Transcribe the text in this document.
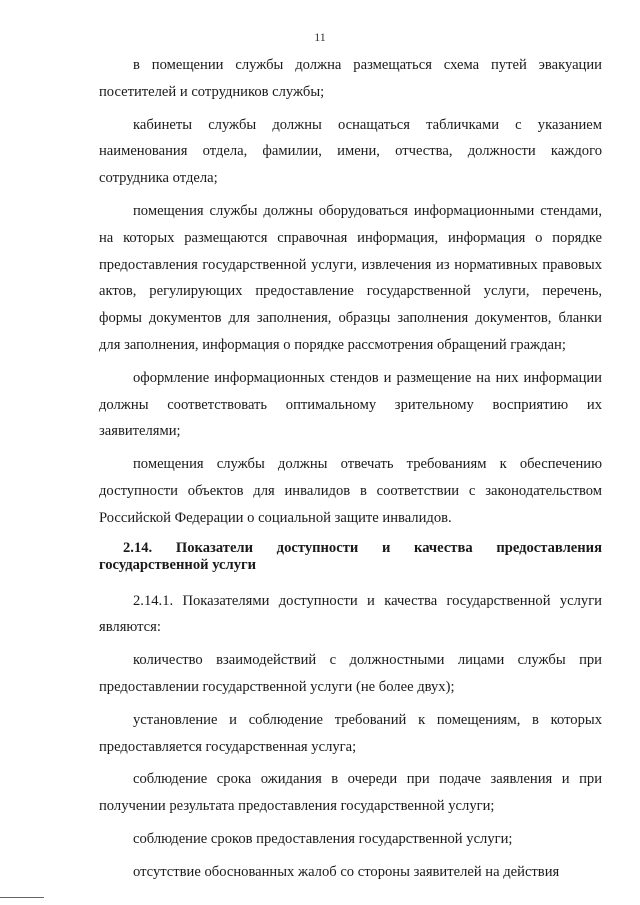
11

в помещении службы должна размещаться схема путей эвакуации посетителей и сотрудников службы;

кабинеты службы должны оснащаться табличками с указанием наименования отдела, фамилии, имени, отчества, должности каждого сотрудника отдела;

помещения службы должны оборудоваться информационными стендами, на которых размещаются справочная информация, информация о порядке предоставления государственной услуги, извлечения из нормативных правовых актов, регулирующих предоставление государственной услуги, перечень, формы документов для заполнения, образцы заполнения документов, бланки для заполнения, информация о порядке рассмотрения обращений граждан;

оформление информационных стендов и размещение на них информации должны соответствовать оптимальному зрительному восприятию их заявителями;

помещения службы должны отвечать требованиям к обеспечению доступности объектов для инвалидов в соответствии с законодательством Российской Федерации о социальной защите инвалидов.

2.14. Показатели доступности и качества предоставления
государственной услуги

2.14.1. Показателями доступности и качества государственной услуги являются:

количество взаимодействий с должностными лицами службы при предоставлении государственной услуги (не более двух);

установление и соблюдение требований к помещениям, в которых предоставляется государственная услуга;

соблюдение срока ожидания в очереди при подаче заявления и при получении результата предоставления государственной услуги;

соблюдение сроков предоставления государственной услуги;

отсутствие обоснованных жалоб со стороны заявителей на действия
